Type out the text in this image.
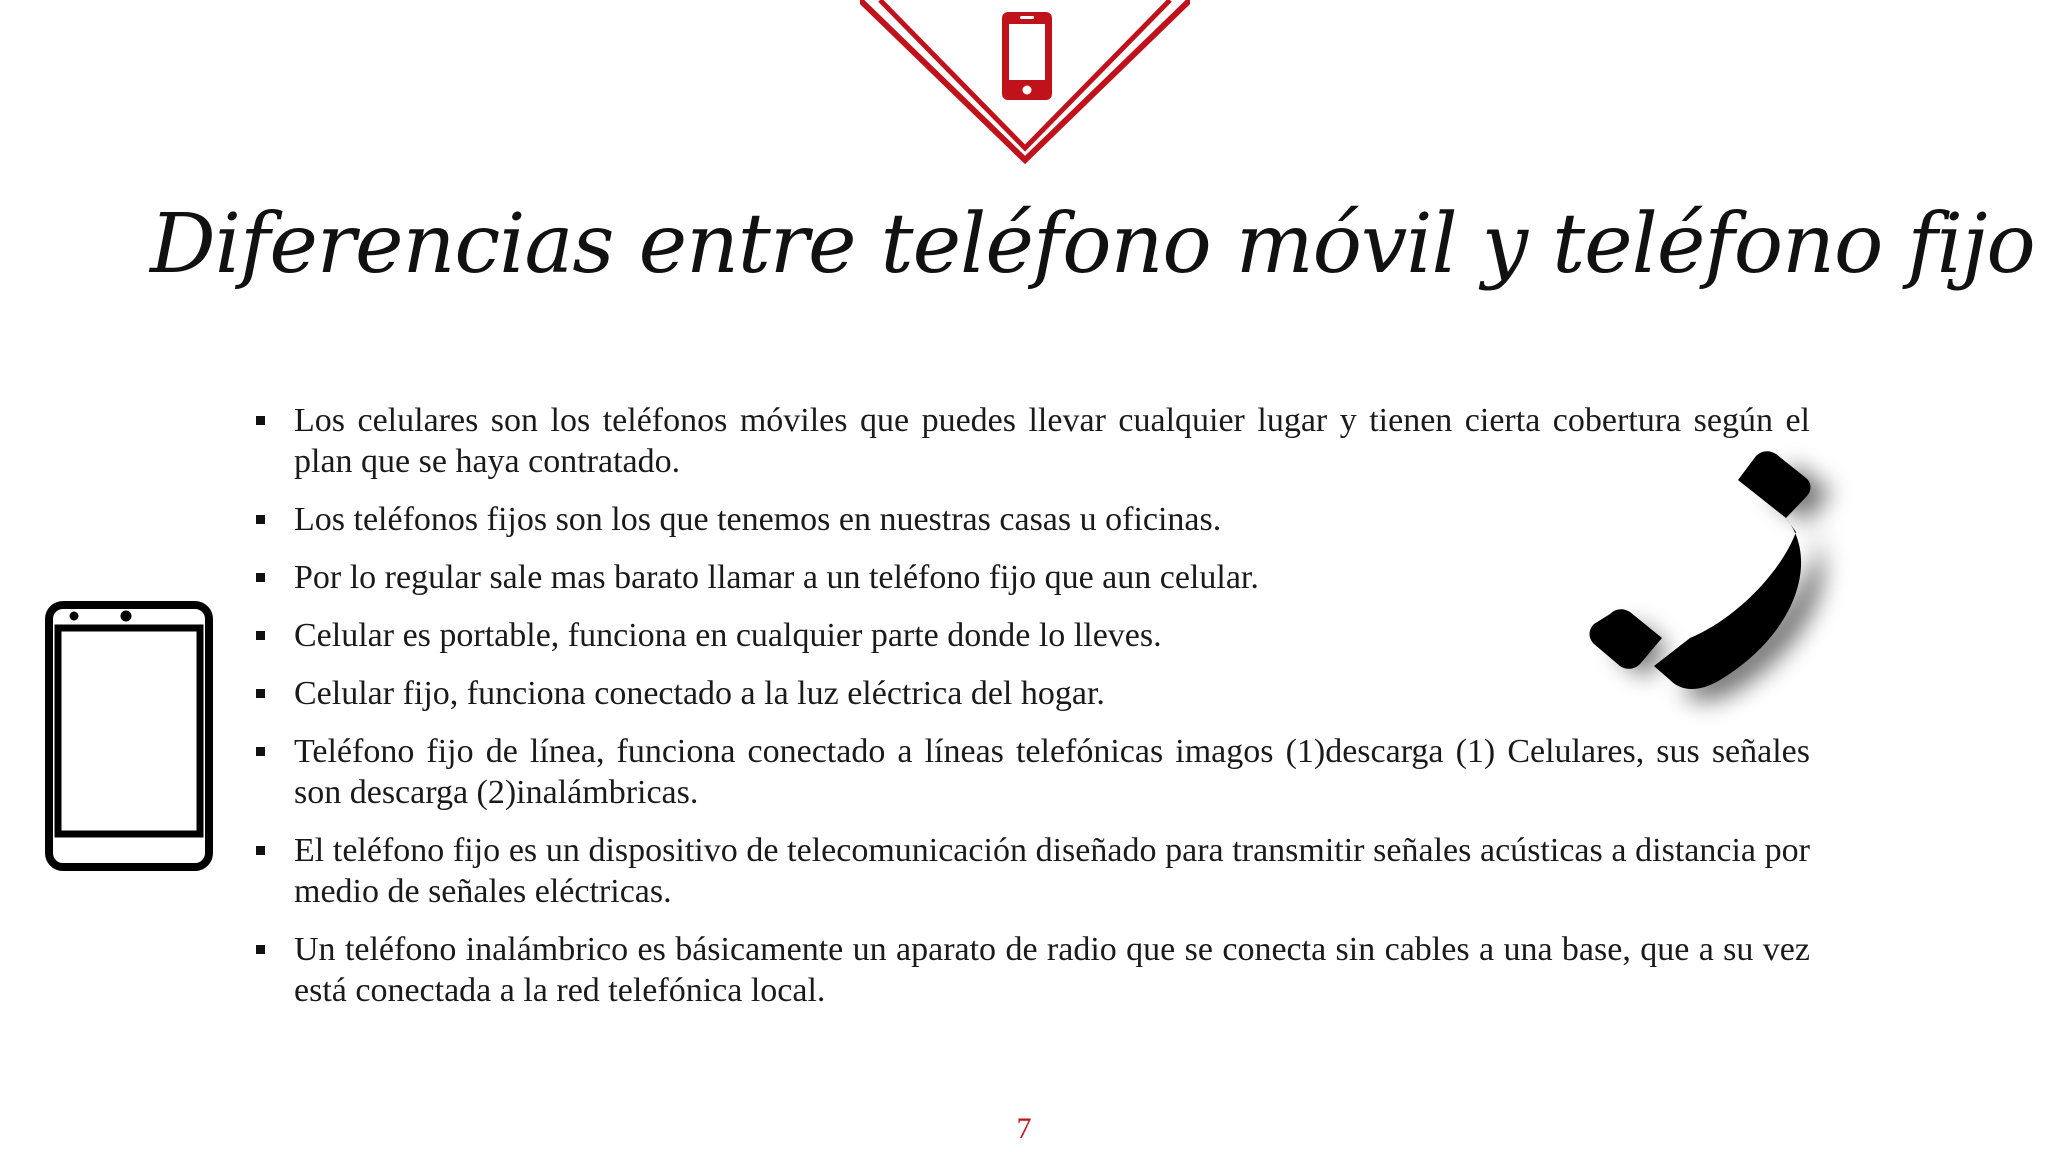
Diferencias entre teléfono móvil y teléfono fijo
Los celulares son los teléfonos móviles que puedes llevar cualquier lugar y tienen cierta cobertura según el plan que se haya contratado.
Los teléfonos fijos son los que tenemos en nuestras casas u oficinas.
Por lo regular sale mas barato llamar a un teléfono fijo que aun celular.
Celular es portable, funciona en cualquier parte donde lo lleves.
Celular fijo, funciona conectado a la luz eléctrica del hogar.
Teléfono fijo de línea, funciona conectado a líneas telefónicas imagos (1)descarga (1) Celulares, sus señales son descarga (2)inalámbricas.
El teléfono fijo es un dispositivo de telecomunicación diseñado para transmitir señales acústicas a distancia por medio de señales eléctricas.
Un teléfono inalámbrico es básicamente un aparato de radio que se conecta sin cables a una base, que a su vez está conectada a la red telefónica local.
7
